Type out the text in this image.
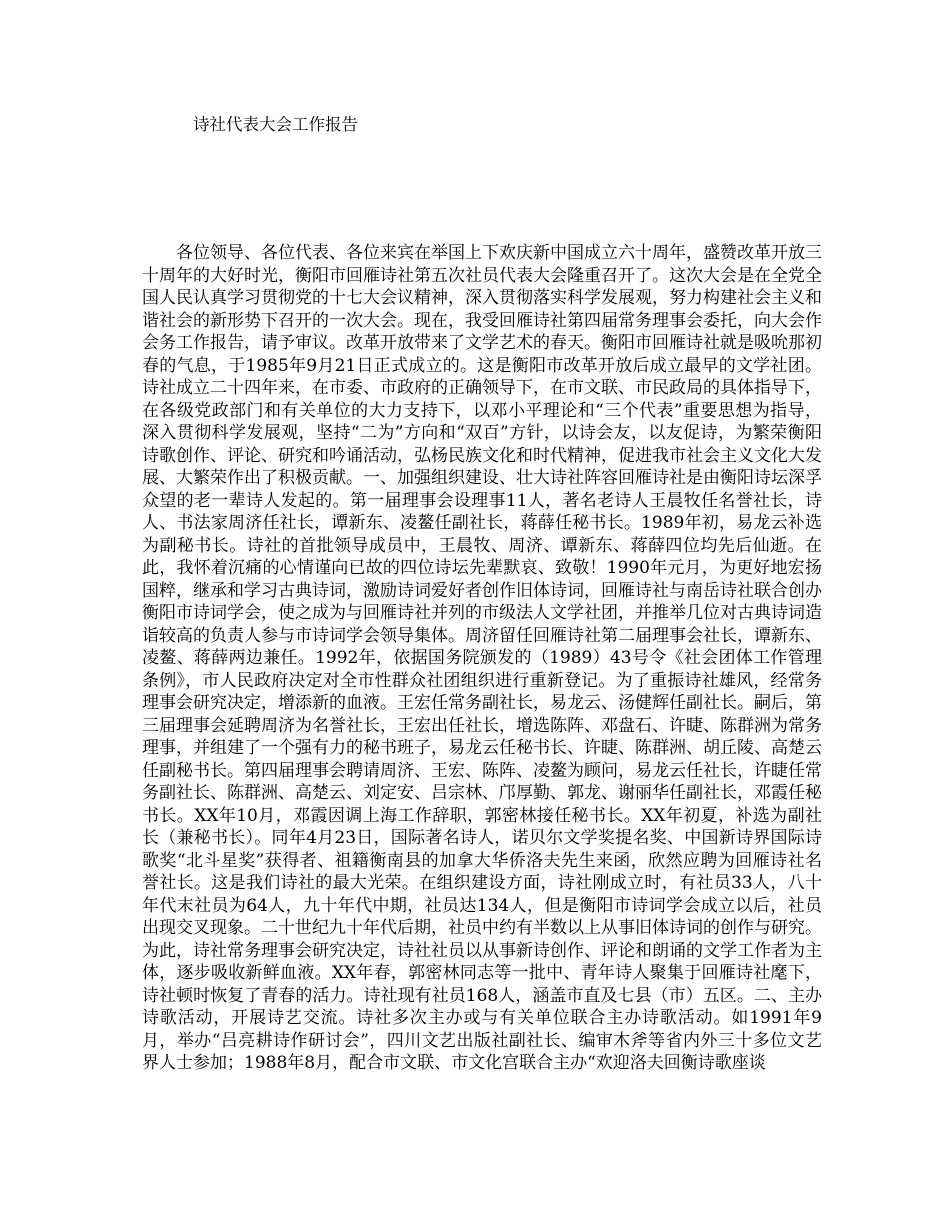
诗社代表大会工作报告

各位领导、各位代表、各位来宾在举国上下欢庆新中国成立六十周年，盛赞改革开放三十周年的大好时光，衡阳市回雁诗社第五次社员代表大会隆重召开了。这次大会是在全党全国人民认真学习贯彻党的十七大会议精神，深入贯彻落实科学发展观，努力构建社会主义和谐社会的新形势下召开的一次大会。现在，我受回雁诗社第四届常务理事会委托，向大会作会务工作报告，请予审议。改革开放带来了文学艺术的春天。衡阳市回雁诗社就是吸吮那初春的气息，于1985年9月21日正式成立的。这是衡阳市改革开放后成立最早的文学社团。诗社成立二十四年来，在市委、市政府的正确领导下，在市文联、市民政局的具体指导下，在各级党政部门和有关单位的大力支持下，以邓小平理论和“三个代表”重要思想为指导，深入贯彻科学发展观，坚持“二为”方向和“双百”方针，以诗会友，以友促诗，为繁荣衡阳诗歌创作、评论、研究和吟诵活动，弘杨民族文化和时代精神，促进我市社会主义文化大发展、大繁荣作出了积极贡献。一、加强组织建设、壮大诗社阵容回雁诗社是由衡阳诗坛深孚众望的老一辈诗人发起的。第一届理事会设理事11人，著名老诗人王晨牧任名誉社长，诗人、书法家周济任社长，谭新东、凌鳌任副社长，蒋薛任秘书长。1989年初，易龙云补选为副秘书长。诗社的首批领导成员中，王晨牧、周济、谭新东、蒋薛四位均先后仙逝。在此，我怀着沉痛的心情谨向已故的四位诗坛先辈默哀、致敬！1990年元月，为更好地宏扬国粹，继承和学习古典诗词，激励诗词爱好者创作旧体诗词，回雁诗社与南岳诗社联合创办衡阳市诗词学会，使之成为与回雁诗社并列的市级法人文学社团，并推举几位对古典诗词造诣较高的负责人参与市诗词学会领导集体。周济留任回雁诗社第二届理事会社长，谭新东、凌鳌、蒋薛两边兼任。1992年，依据国务院颁发的（1989）43号令《社会团体工作管理条例》，市人民政府决定对全市性群众社团组织进行重新登记。为了重振诗社雄风，经常务理事会研究决定，增添新的血液。王宏任常务副社长，易龙云、汤健辉任副社长。嗣后，第三届理事会延聘周济为名誉社长，王宏出任社长，增选陈阵、邓盘石、许睫、陈群洲为常务理事，并组建了一个强有力的秘书班子，易龙云任秘书长、许睫、陈群洲、胡丘陵、高楚云任副秘书长。第四届理事会聘请周济、王宏、陈阵、凌鳌为顾问，易龙云任社长，许睫任常务副社长、陈群洲、高楚云、刘定安、吕宗林、邝厚勤、郭龙、谢丽华任副社长，邓霞任秘书长。XX年10月，邓霞因调上海工作辞职，郭密林接任秘书长。XX年初夏，补选为副社长（兼秘书长）。同年4月23日，国际著名诗人，诺贝尔文学奖提名奖、中国新诗界国际诗歌奖“北斗星奖”获得者、祖籍衡南县的加拿大华侨洛夫先生来函，欣然应聘为回雁诗社名誉社长。这是我们诗社的最大光荣。在组织建设方面，诗社刚成立时，有社员33人，八十年代末社员为64人，九十年代中期，社员达134人，但是衡阳市诗词学会成立以后，社员出现交叉现象。二十世纪九十年代后期，社员中约有半数以上从事旧体诗词的创作与研究。为此，诗社常务理事会研究决定，诗社社员以从事新诗创作、评论和朗诵的文学工作者为主体，逐步吸收新鲜血液。XX年春，郭密林同志等一批中、青年诗人聚集于回雁诗社麾下，诗社顿时恢复了青春的活力。诗社现有社员168人，涵盖市直及七县（市）五区。二、主办诗歌活动，开展诗艺交流。诗社多次主办或与有关单位联合主办诗歌活动。如1991年9月，举办“吕亮耕诗作研讨会”，四川文艺出版社副社长、编审木斧等省内外三十多位文艺界人士参加；1988年8月，配合市文联、市文化宫联合主办“欢迎洛夫回衡诗歌座谈
